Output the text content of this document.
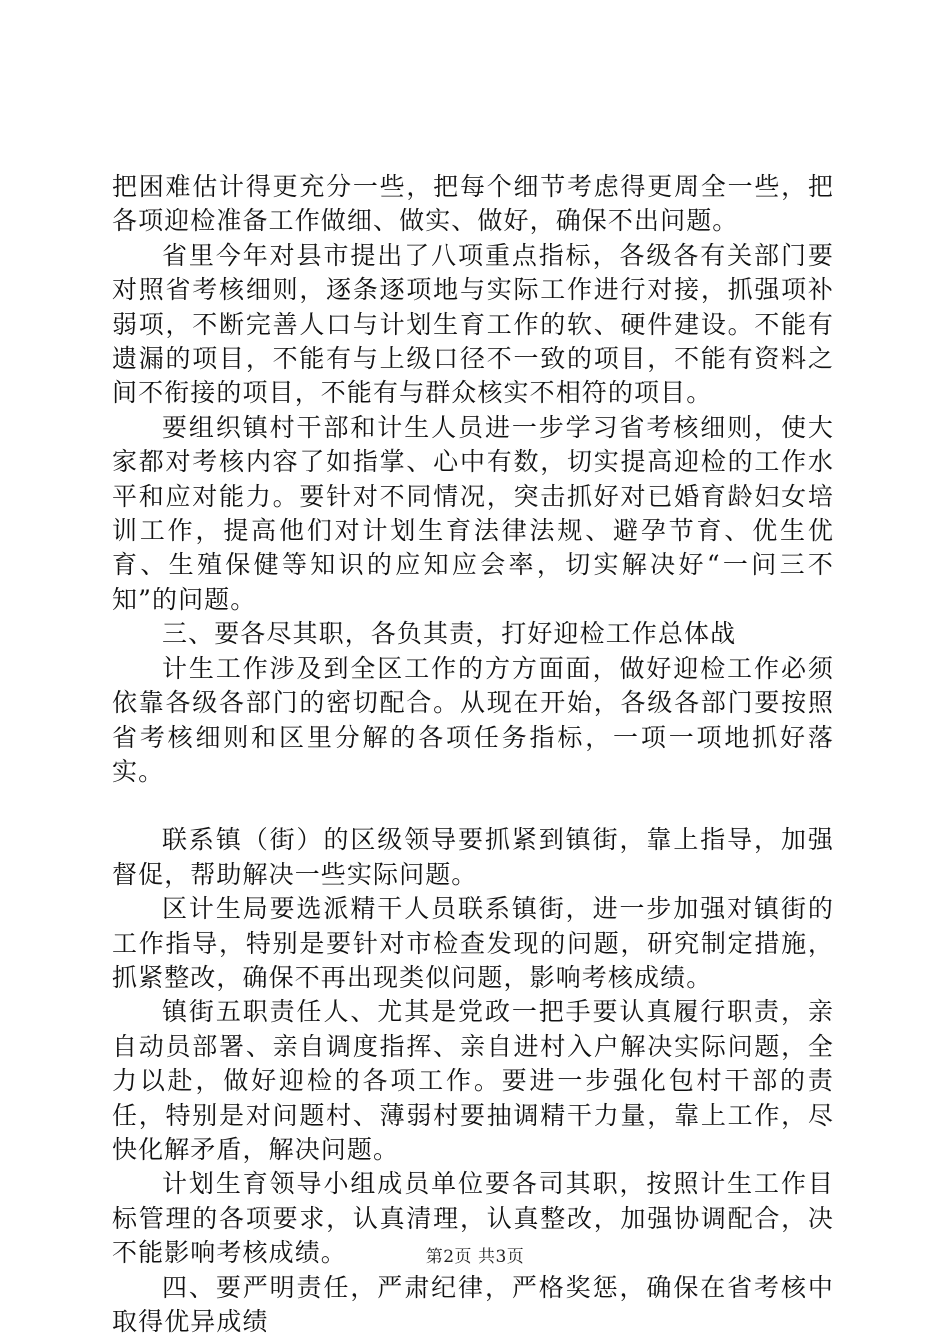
把困难估计得更充分一些，把每个细节考虑得更周全一些，把各项迎检准备工作做细、做实、做好，确保不出问题。

省里今年对县市提出了八项重点指标，各级各有关部门要对照省考核细则，逐条逐项地与实际工作进行对接，抓强项补弱项，不断完善人口与计划生育工作的软、硬件建设。不能有遗漏的项目，不能有与上级口径不一致的项目，不能有资料之间不衔接的项目，不能有与群众核实不相符的项目。

要组织镇村干部和计生人员进一步学习省考核细则，使大家都对考核内容了如指掌、心中有数，切实提高迎检的工作水平和应对能力。要针对不同情况，突击抓好对已婚育龄妇女培训工作，提高他们对计划生育法律法规、避孕节育、优生优育、生殖保健等知识的应知应会率，切实解决好“一问三不知”的问题。

三、要各尽其职，各负其责，打好迎检工作总体战

计生工作涉及到全区工作的方方面面，做好迎检工作必须依靠各级各部门的密切配合。从现在开始，各级各部门要按照省考核细则和区里分解的各项任务指标，一项一项地抓好落实。

联系镇（街）的区级领导要抓紧到镇街，靠上指导，加强督促，帮助解决一些实际问题。

区计生局要选派精干人员联系镇街，进一步加强对镇街的工作指导，特别是要针对市检查发现的问题，研究制定措施，抓紧整改，确保不再出现类似问题，影响考核成绩。

镇街五职责任人、尤其是党政一把手要认真履行职责，亲自动员部署、亲自调度指挥、亲自进村入户解决实际问题，全力以赴，做好迎检的各项工作。要进一步强化包村干部的责任，特别是对问题村、薄弱村要抽调精干力量，靠上工作，尽快化解矛盾，解决问题。

计划生育领导小组成员单位要各司其职，按照计生工作目标管理的各项要求，认真清理，认真整改，加强协调配合，决不能影响考核成绩。

四、要严明责任，严肃纪律，严格奖惩，确保在省考核中取得优异成绩

第2页 共3页
